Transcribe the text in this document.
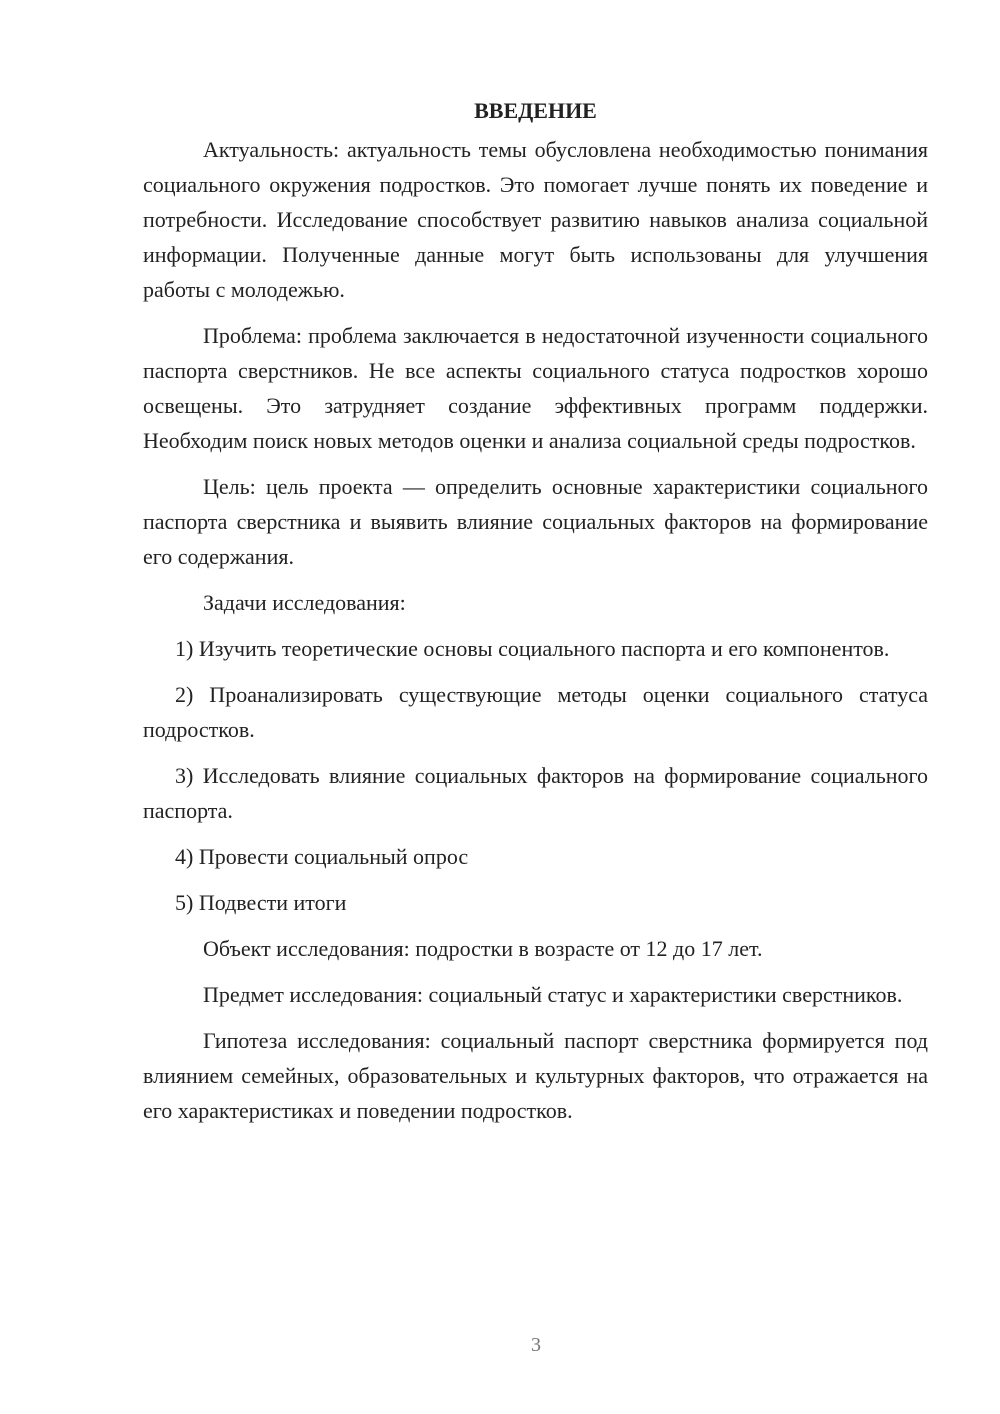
ВВЕДЕНИЕ

Актуальность: актуальность темы обусловлена необходимостью понимания социального окружения подростков. Это помогает лучше понять их поведение и потребности. Исследование способствует развитию навыков анализа социальной информации. Полученные данные могут быть использованы для улучшения работы с молодежью.

Проблема: проблема заключается в недостаточной изученности социального паспорта сверстников. Не все аспекты социального статуса подростков хорошо освещены. Это затрудняет создание эффективных программ поддержки. Необходим поиск новых методов оценки и анализа социальной среды подростков.

Цель: цель проекта — определить основные характеристики социального паспорта сверстника и выявить влияние социальных факторов на формирование его содержания.

Задачи исследования:

1) Изучить теоретические основы социального паспорта и его компонентов.

2) Проанализировать существующие методы оценки социального статуса подростков.

3) Исследовать влияние социальных факторов на формирование социального паспорта.

4) Провести социальный опрос

5) Подвести итоги

Объект исследования: подростки в возрасте от 12 до 17 лет.

Предмет исследования: социальный статус и характеристики сверстников.

Гипотеза исследования: социальный паспорт сверстника формируется под влиянием семейных, образовательных и культурных факторов, что отражается на его характеристиках и поведении подростков.

3
